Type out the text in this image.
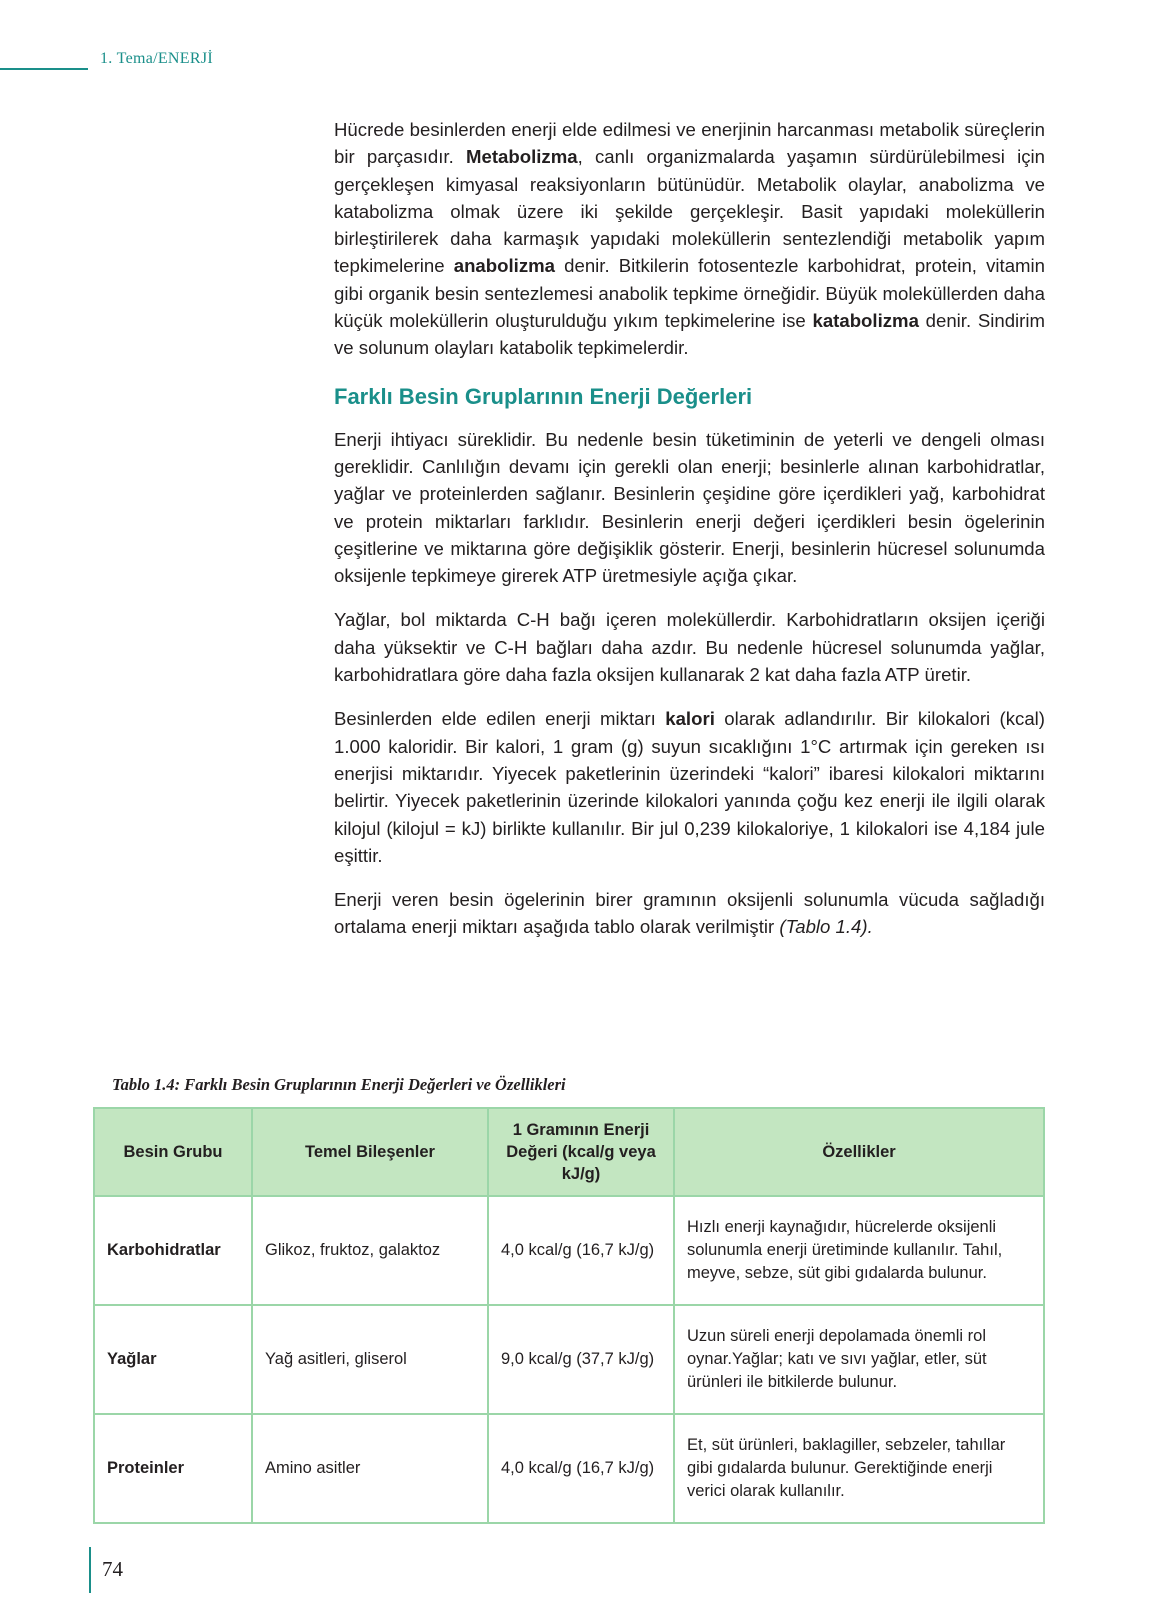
1. Tema/ENERJİ

Hücrede besinlerden enerji elde edilmesi ve enerjinin harcanması metabolik süreçlerin bir parçasıdır. Metabolizma, canlı organizmalarda yaşamın sürdürülebilmesi için gerçekleşen kimyasal reaksiyonların bütünüdür. Metabolik olaylar, anabolizma ve katabolizma olmak üzere iki şekilde gerçekleşir. Basit yapıdaki moleküllerin birleştirilerek daha karmaşık yapıdaki moleküllerin sentezlendiği metabolik yapım tepkimelerine anabolizma denir. Bitkilerin fotosentezle karbohidrat, protein, vitamin gibi organik besin sentezlemesi anabolik tepkime örneğidir. Büyük moleküllerden daha küçük moleküllerin oluşturulduğu yıkım tepkimelerine ise katabolizma denir. Sindirim ve solunum olayları katabolik tepkimelerdir.

Farklı Besin Gruplarının Enerji Değerleri

Enerji ihtiyacı süreklidir. Bu nedenle besin tüketiminin de yeterli ve dengeli olması gereklidir. Canlılığın devamı için gerekli olan enerji; besinlerle alınan karbohidratlar, yağlar ve proteinlerden sağlanır. Besinlerin çeşidine göre içerdikleri yağ, karbohidrat ve protein miktarları farklıdır. Besinlerin enerji değeri içerdikleri besin ögelerinin çeşitlerine ve miktarına göre değişiklik gösterir. Enerji, besinlerin hücresel solunumda oksijenle tepkimeye girerek ATP üretmesiyle açığa çıkar.

Yağlar, bol miktarda C-H bağı içeren moleküllerdir. Karbohidratların oksijen içeriği daha yüksektir ve C-H bağları daha azdır. Bu nedenle hücresel solunumda yağlar, karbohidratlara göre daha fazla oksijen kullanarak 2 kat daha fazla ATP üretir.

Besinlerden elde edilen enerji miktarı kalori olarak adlandırılır. Bir kilokalori (kcal) 1.000 kaloridir. Bir kalori, 1 gram (g) suyun sıcaklığını 1°C artırmak için gereken ısı enerjisi miktarıdır. Yiyecek paketlerinin üzerindeki “kalori” ibaresi kilokalori miktarını belirtir. Yiyecek paketlerinin üzerinde kilokalori yanında çoğu kez enerji ile ilgili olarak kilojul (kilojul = kJ) birlikte kullanılır. Bir jul 0,239 kilokaloriye, 1 kilokalori ise 4,184 jule eşittir.

Enerji veren besin ögelerinin birer gramının oksijenli solunumla vücuda sağladığı ortalama enerji miktarı aşağıda tablo olarak verilmiştir (Tablo 1.4).

Tablo 1.4: Farklı Besin Gruplarının Enerji Değerleri ve Özellikleri
Besin Grubu	Temel Bileşenler	1 Gramının Enerji Değeri (kcal/g veya kJ/g)	Özellikler
Karbohidratlar	Glikoz, fruktoz, galaktoz	4,0 kcal/g (16,7 kJ/g)	Hızlı enerji kaynağıdır, hücrelerde oksijenli solunumla enerji üretiminde kullanılır. Tahıl, meyve, sebze, süt gibi gıdalarda bulunur.
Yağlar	Yağ asitleri, gliserol	9,0 kcal/g (37,7 kJ/g)	Uzun süreli enerji depolamada önemli rol oynar.Yağlar; katı ve sıvı yağlar, etler, süt ürünleri ile bitkilerde bulunur.
Proteinler	Amino asitler	4,0 kcal/g (16,7 kJ/g)	Et, süt ürünleri, baklagiller, sebzeler, tahıllar gibi gıdalarda bulunur. Gerektiğinde enerji verici olarak kullanılır.
74
